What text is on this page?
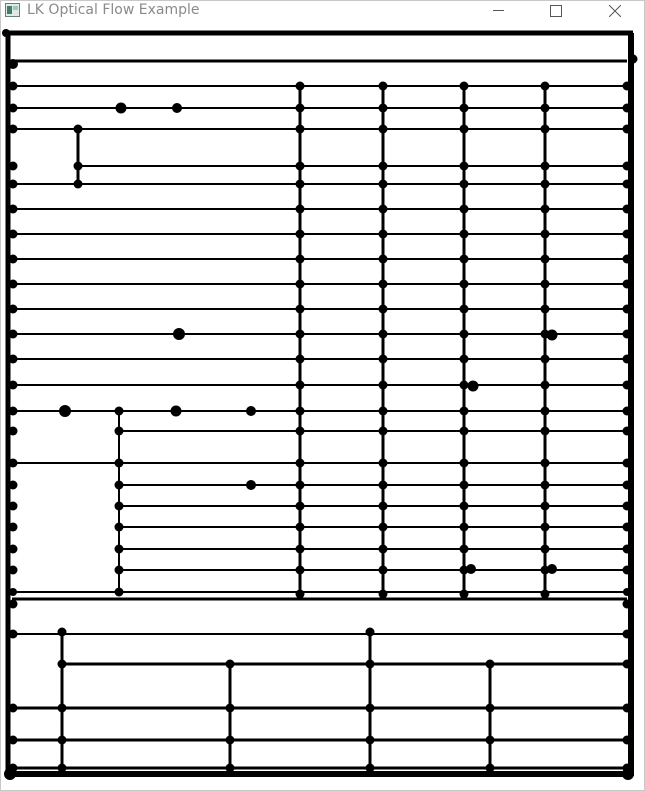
LK Optical Flow Example
